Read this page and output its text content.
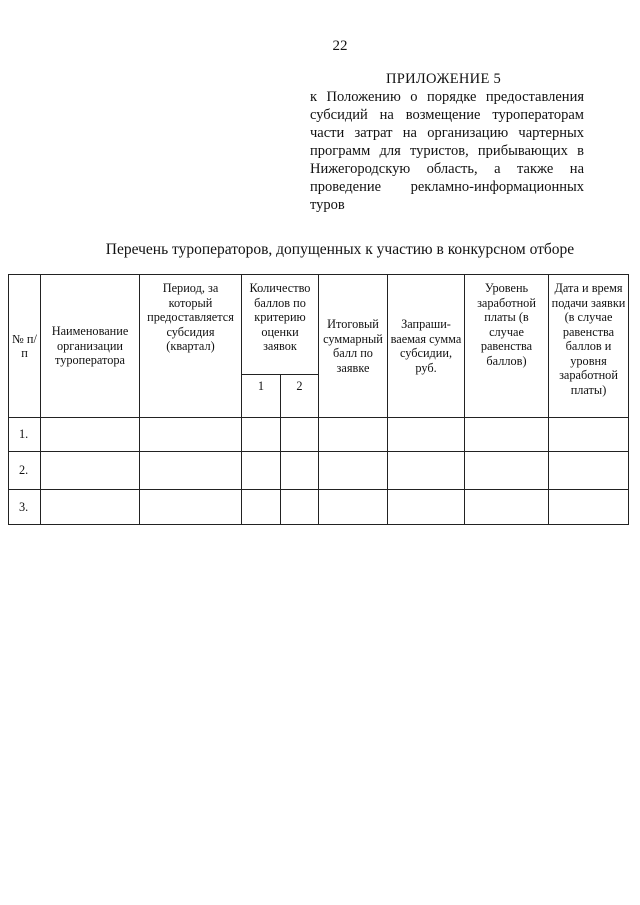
22
ПРИЛОЖЕНИЕ 5
к Положению о порядке предоставления субсидий на возмещение туроператорам части затрат на организацию чартерных программ для туристов, прибывающих в Нижегородскую область, а также на проведение рекламно-информационных туров
Перечень туроператоров, допущенных к участию в конкурсном отборе
№ п/п	Наименование организации туроператора	Период, за который предоставляется субсидия (квартал)	Количество баллов по критерию оценки заявок		Итоговый суммарный балл по заявке	Запраши- ваемая сумма субсидии, руб.	Уровень заработной платы (в случае равенства баллов)	Дата и время подачи заявки (в случае равенства баллов и уровня заработной платы)
			1	2				
1.								
2.								
3.								
